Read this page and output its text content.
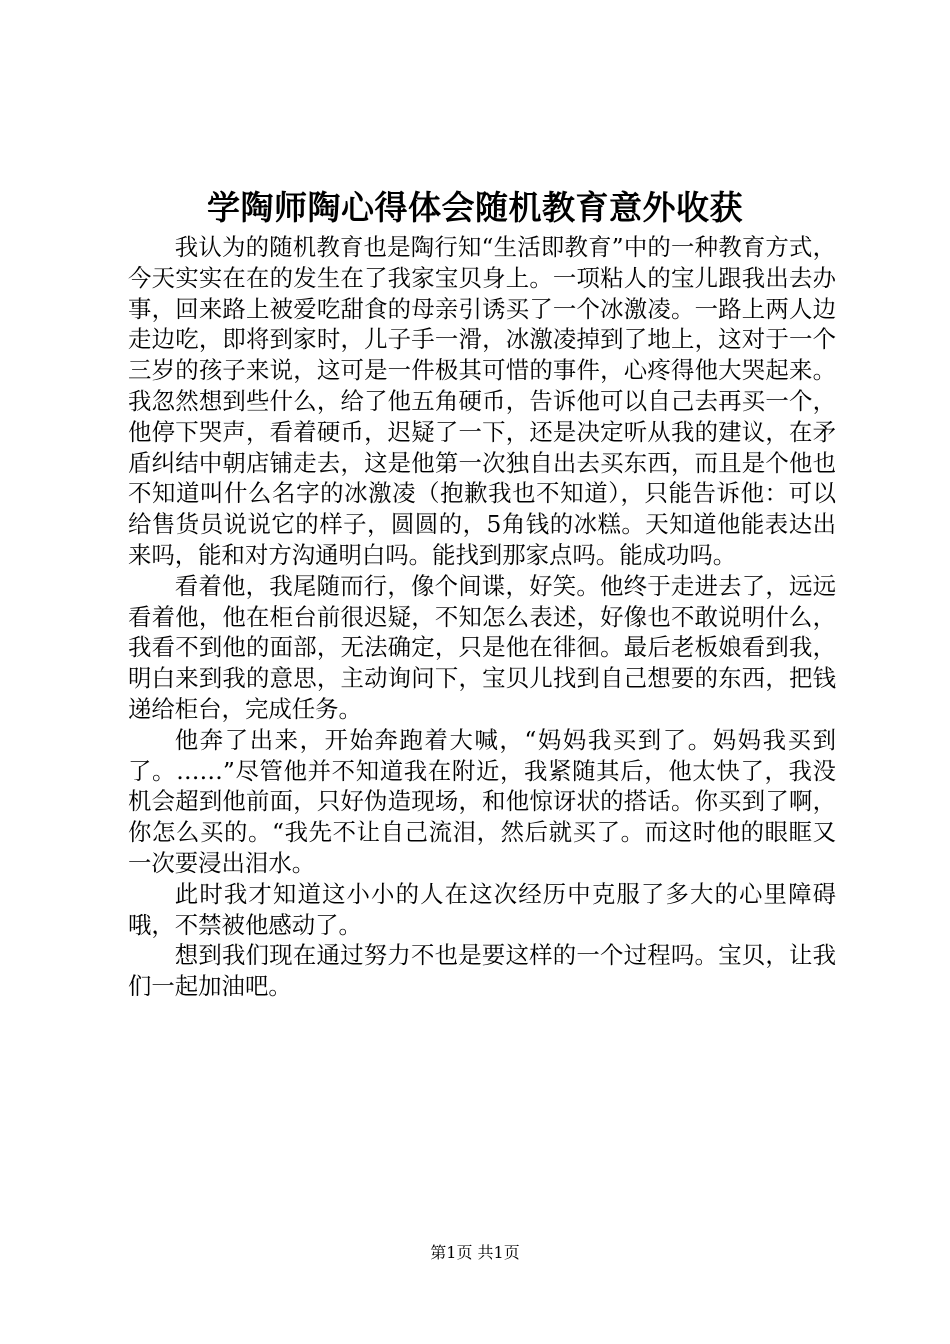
学陶师陶心得体会随机教育意外收获

我认为的随机教育也是陶行知“生活即教育”中的一种教育方式，今天实实在在的发生在了我家宝贝身上。一项粘人的宝儿跟我出去办事，回来路上被爱吃甜食的母亲引诱买了一个冰激凌。一路上两人边走边吃，即将到家时，儿子手一滑，冰激凌掉到了地上，这对于一个三岁的孩子来说，这可是一件极其可惜的事件，心疼得他大哭起来。我忽然想到些什么，给了他五角硬币，告诉他可以自己去再买一个，他停下哭声，看着硬币，迟疑了一下，还是决定听从我的建议，在矛盾纠结中朝店铺走去，这是他第一次独自出去买东西，而且是个他也不知道叫什么名字的冰激凌（抱歉我也不知道），只能告诉他：可以给售货员说说它的样子，圆圆的，5角钱的冰糕。天知道他能表达出来吗，能和对方沟通明白吗。能找到那家点吗。能成功吗。

看着他，我尾随而行，像个间谍，好笑。他终于走进去了，远远看着他，他在柜台前很迟疑，不知怎么表述，好像也不敢说明什么，我看不到他的面部，无法确定，只是他在徘徊。最后老板娘看到我，明白来到我的意思，主动询问下，宝贝儿找到自己想要的东西，把钱递给柜台，完成任务。

他奔了出来，开始奔跑着大喊，“妈妈我买到了。妈妈我买到了。……”尽管他并不知道我在附近，我紧随其后，他太快了，我没机会超到他前面，只好伪造现场，和他惊讶状的搭话。你买到了啊，你怎么买的。“我先不让自己流泪，然后就买了。而这时他的眼眶又一次要浸出泪水。

此时我才知道这小小的人在这次经历中克服了多大的心里障碍哦，不禁被他感动了。

想到我们现在通过努力不也是要这样的一个过程吗。宝贝，让我们一起加油吧。

第1页 共1页
